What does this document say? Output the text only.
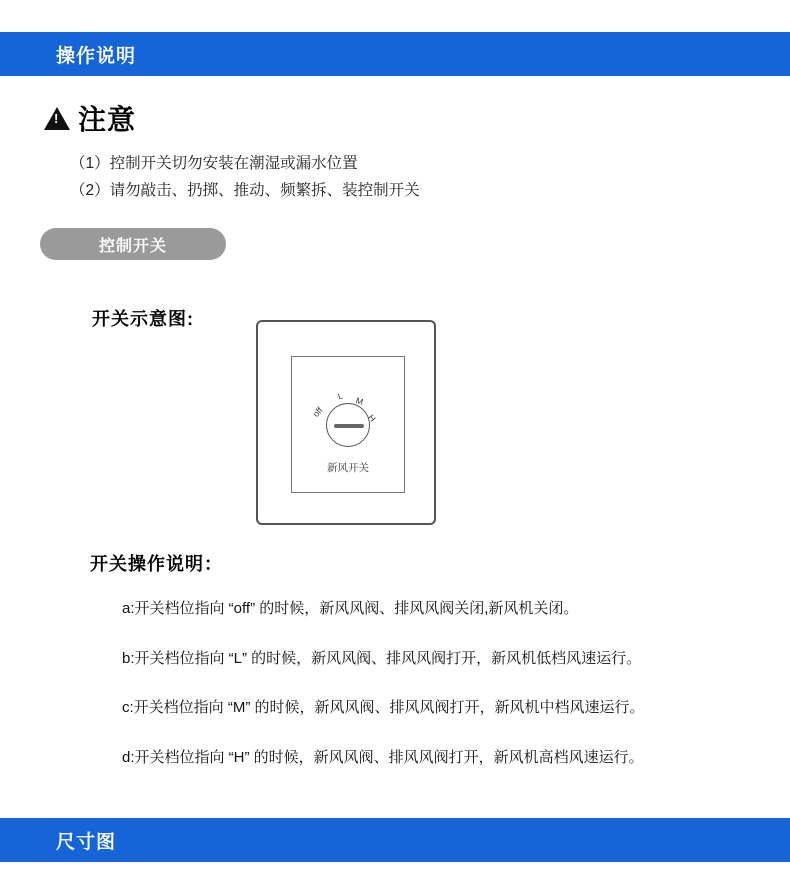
操作说明
!
注意
（1）控制开关切勿安装在潮湿或漏水位置
（2）请勿敲击、扔掷、推动、频繁拆、装控制开关
控制开关
开关示意图:
off
L M
H
新风开关
开关操作说明：
a:开关档位指向 “off” 的时候，新风风阀、排风风阀关闭,新风机关闭。
b:开关档位指向 “L” 的时候，新风风阀、排风风阀打开，新风机低档风速运行。
c:开关档位指向 “M” 的时候，新风风阀、排风风阀打开，新风机中档风速运行。
d:开关档位指向 “H” 的时候，新风风阀、排风风阀打开，新风机高档风速运行。
尺寸图
